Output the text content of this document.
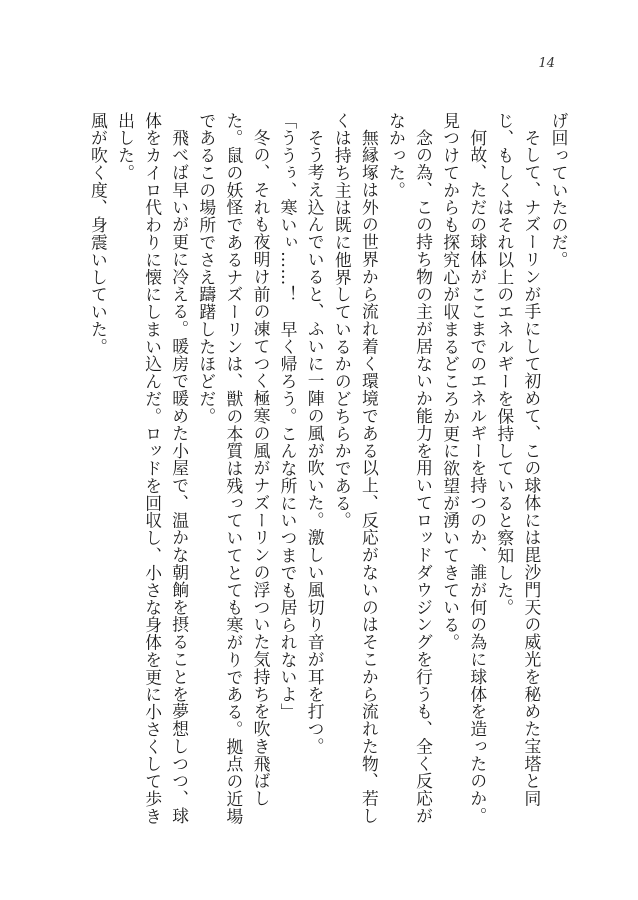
14

げ回っていたのだ。

そして、ナズーリンが手にして初めて、この球体には毘沙門天の威光を秘めた宝塔と同じ、もしくはそれ以上のエネルギーを保持していると察知した。

何故、ただの球体がここまでのエネルギーを持つのか、誰が何の為に球体を造ったのか。見つけてからも探究心が収まるどころか更に欲望が湧いてきている。

念の為、この持ち物の主が居ないか能力を用いてロッドダウジングを行うも、全く反応がなかった。

無縁塚は外の世界から流れ着く環境である以上、反応がないのはそこから流れた物、若しくは持ち主は既に他界しているかのどちらかである。

そう考え込んでいると、ふいに一陣の風が吹いた。激しい風切り音が耳を打つ。

「ううぅ、寒いぃ……！　早く帰ろう。こんな所にいつまでも居られないよ」

冬の、それも夜明け前の凍てつく極寒の風がナズーリンの浮ついた気持ちを吹き飛ばした。鼠の妖怪であるナズーリンは、獣の本質は残っていてとても寒がりである。拠点の近場であるこの場所でさえ躊躇したほどだ。

飛べば早いが更に冷える。暖房で暖めた小屋で、温かな朝餉を摂ることを夢想しつつ、球体をカイロ代わりに懐にしまい込んだ。ロッドを回収し、小さな身体を更に小さくして歩き出した。

風が吹く度、身震いしていた。
